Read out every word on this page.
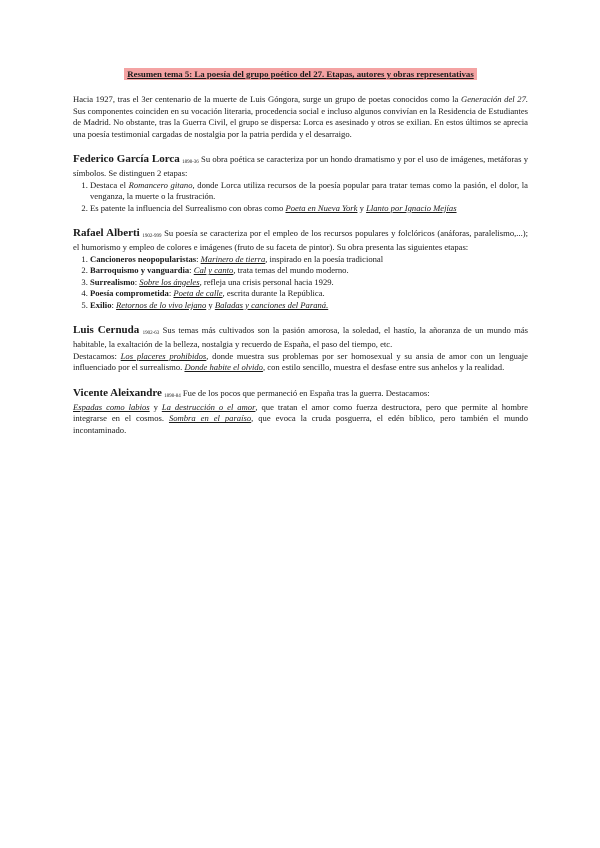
Resumen tema 5: La poesía del grupo poético del 27. Etapas, autores y obras representativas

Hacia 1927, tras el 3er centenario de la muerte de Luis Góngora, surge un grupo de poetas conocidos como la Generación del 27. Sus componentes coinciden en su vocación literaria, procedencia social e incluso algunos convivían en la Residencia de Estudiantes de Madrid. No obstante, tras la Guerra Civil, el grupo se dispersa: Lorca es asesinado y otros se exilian. En estos últimos se aprecia una poesía testimonial cargadas de nostalgia por la patria perdida y el desarraigo.

Federico García Lorca 1898-36 Su obra poética se caracteriza por un hondo dramatismo y por el uso de imágenes, metáforas y símbolos. Se distinguen 2 etapas:

1. Destaca el Romancero gitano, donde Lorca utiliza recursos de la poesía popular para tratar temas como la pasión, el dolor, la venganza, la muerte o la frustración.
2. Es patente la influencia del Surrealismo con obras como Poeta en Nueva York y Llanto por Ignacio Mejías

Rafael Alberti 1902-999 Su poesía se caracteriza por el empleo de los recursos populares y folclóricos (anáforas, paralelismo,...); el humorismo y empleo de colores e imágenes (fruto de su faceta de pintor). Su obra presenta las siguientes etapas:

1. Cancioneros neopopularistas: Marinero de tierra, inspirado en la poesía tradicional
2. Barroquismo y vanguardia: Cal y canto, trata temas del mundo moderno.
3. Surrealismo: Sobre los ángeles, refleja una crisis personal hacia 1929.
4. Poesía comprometida: Poeta de calle, escrita durante la República.
5. Exilio: Retornos de lo vivo lejano y Baladas y canciones del Paraná.

Luis Cernuda 1902-63 Sus temas más cultivados son la pasión amorosa, la soledad, el hastío, la añoranza de un mundo más habitable, la exaltación de la belleza, nostalgia y recuerdo de España, el paso del tiempo, etc.
Destacamos: Los placeres prohibidos, donde muestra sus problemas por ser homosexual y su ansia de amor con un lenguaje influenciado por el surrealismo. Donde habite el olvido, con estilo sencillo, muestra el desfase entre sus anhelos y la realidad.

Vicente Aleixandre 1898-84 Fue de los pocos que permaneció en España tras la guerra. Destacamos:
Espadas como labios y La destrucción o el amor, que tratan el amor como fuerza destructora, pero que permite al hombre integrarse en el cosmos. Sombra en el paraíso, que evoca la cruda posguerra, el edén bíblico, pero también el mundo incontaminado.
